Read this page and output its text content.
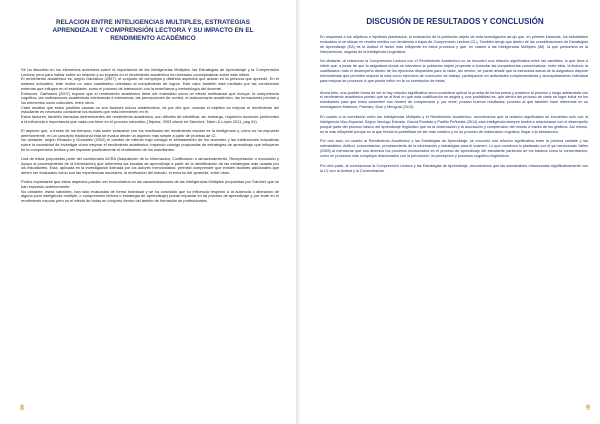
RELACION ENTRE INTELIGENCIAS MULTIPLES, ESTRATEGIAS APRENDIZAJE Y COMPRENSIÓN LECTORA Y SU IMPACTO EN EL RENDIMIENTO ACADÉMICO

Se ha discutido en los elementos anteriores sobre la importancia de las Inteligencias Múltiples, las Estrategias de Aprendizaje y la Comprensión Lectora; pero para hablar sobre su relación y su impacto en el rendimiento académico es necesario conceptualizar sobre éste último.

El rendimiento académico es, según Garbanzo (2007), el conjunto de complejos y distintos aspectos que actúan en la persona que aprende. En el sistema educativo, éste recibe un valor cuantitativo orientado al cumplimiento de logros. Este valor también está mediado por las condiciones externas que influyen en el estudiante, como el proceso de interacción con la enseñanza y metodología del docente.

Entonces, Garbanzo (2007) expone que el rendimiento académico debe ser entendido como un efecto multicausal que incluye: la competencia cognitiva, las motivaciones académicas extrínsecas e intrínsecas, las percepciones de control, el autoconcepto académico, las formaciones previas y los elementos socio culturales, entre otros.

Cabe resaltar que estos posibles causas no son factores únicos establecidos, es por ello que, cuando el objetivo es mejorar el rendimiento del estudiante es necesario considerar los factores que más intervienen en él.

Estos factores, también llamados determinantes del rendimiento académico, son difíciles de identificar, sin embargo, requieren acciones pertinentes a la influencia e importancia que cada uno tiene en el proceso educativo (Tejedor, 2003 citado en Sánchez, Marín & López 2011, pág 91).

El aspecto que, a través de los tiempos, más suele enlazarse con los resultados del rendimiento escolar es la inteligencia y, cómo es ha expuesto anteriormente, en un concepto tradicional ésta se evalúa desde un aspecto más simple a partir de pruebas de CI.

No obstante, según Rinaudo y González (2002) el cambio de milenio trajo consigo el señalamiento de los docentes y las instituciones educativas sobre la necesidad de investigar cómo mejorar el rendimiento académico; trayendo consigo propuestas de estrategias de aprendizaje que influyeran en la comprensión lectora y así impactar positivamente el rendimiento de los estudiantes.

Una de estas propuestas parte del cuestionario ACRA (Adquisición de la información, Codificación o almacenamiento, Recuperación o evocación y Apoyo al procesamiento de la información) que determina las escalas de aprendizaje a partir de la identificación de las estrategias más usadas por los estudiantes. Esta, aplicada en la investigación liderada por los autores mencionados; permitió comprender que existen factores adicionales que deben ser evaluados como son las experiencias escolares, la motivación del estudio, el entorno del aprendiz, entre otros.

Podría expresarse que estos aspectos pueden ser encontrados en las caracterizaciones de las Inteligencias Múltiples propuestas por Gardner que se han expuesto anteriormente.

No obstante, estas variables, han sido evaluadas de forma individual y se ha concluido que su influencia respecto a la ausencia o alteración de alguna (una inteligencia múltiple, o comprensión lectora o estrategia de aprendizaje) puede impactar en tal proceso de aprendizaje y por ende en el rendimiento escolar pero no el efecto de todas en conjunto dentro del ámbito de formación de profesionales.

8
DISCUSIÓN DE RESULTADOS Y CONCLUSIÓN

En respuesta a los objetivos e hipótesis planteados, la evaluación de la población objeto de esta investigación arrojó que, en primera instancia, los estudiantes evaluados si se ubican en niveles medios con tendencia a bajos de Comprensión Lectora (CL). También arroja que dentro de las consideraciones de Estrategias de Aprendizaje (EA) es la Actitud el factor más influyente en estos procesos y que, en cuanto a las Inteligencias Múltiples (IM), la que predomina es la Interpersonal, seguida de la Inteligencia Lingüística.

No obstante, al relacionar la Comprensión Lectora con el Rendimiento Académico no se encontró una relación significativa entre las variables; lo que lleva a inferir que, a pesar de que la asignatura donde se interviene la población objeto propende a fomentar las competencias comunicativas, entre ellas, la lectura; la cualificación más el desempeño dentro de los ejercicios dispuestos para la clase, así mismo, se puede añadir que la estructura actual de la asignatura dispone herramientas que permiten mejorar la nota como ejercicios de corrección de trabajo, participación en actividades complementarias y acompañamiento individual para mejorar de procesos lo que puede influir en la no correlación de éstas.

Ahora bien, una posible forma de ver si hay relación significativa sería considerar aplicar la prueba de forma previa y posterior al proceso y luego adelantarla con el rendimiento académico puesto que se al final en que esta cualificación se asigna y, una posibilidad es, que dentro del proceso de clase se logre influir en los estudiantes para que estos aumenten sus niveles de comprensión y, por ende, posean buenos resultados; proceso al que también hace referencia en su investigación Martínez, Paredez, Díaz y Mengual (2013).

En cuanto a la correlación entre las Inteligencias Múltiples y el Rendimiento Académico, encontramos que la relación significativa se encuentra solo con la Inteligencia Viso-Espacial. Según Verdugo Estrada, García Rombao y Portillo Peñuelas (2014) esta inteligencia siempre tendrá a relacionarse con el desempeño porque parte del proceso básico del aprendizaje lingüístico que es la observación y la asociación y comprensión del mundo a través de los gráficos. Así mismo, es la más influyente porque es la que brinda la posibilidad de ser más creativo y en su proceso de maduración cognitiva, llegar a la abstracción.

Por otro lado, en cuanto al Rendimiento Académico y las Estrategias de Aprendizaje, se encontró una relación significativa entre la primera variable y las subvariables: Actitud, concentración, procesamiento de la información y estrategias para el examen. Lo que corrobora lo planteado por el ya mencionado Valles (2005) al mencionar que son diversos los procesos involucrados en el proceso de aprendizaje del estudiante partiendo de los básicos como la concentración, como en procesos más complejos relacionados con la percepción, la percepción y procesos cognitivo-lingüísticos.

Por otra parte, al correlacionar la Comprensión Lectora y las Estrategias de Aprendizaje, encontramos que las subvariables relacionadas significativamente con la CL son la Actitud y la Concentración.

9
